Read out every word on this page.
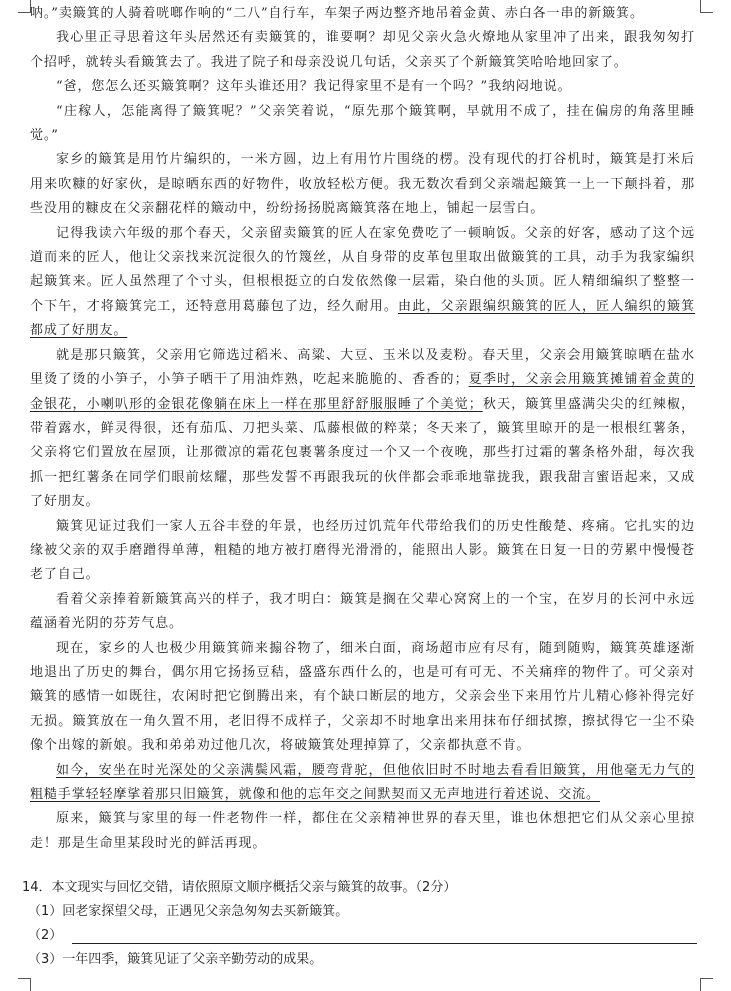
呐。”卖簸箕的人骑着咣啷作响的“二八”自行车，车架子两边整齐地吊着金黄、赤白各一串的新簸箕。

我心里正寻思着这年头居然还有卖簸箕的，谁要啊？却见父亲火急火燎地从家里冲了出来，跟我匆匆打个招呼，就转头看簸箕去了。我进了院子和母亲没说几句话，父亲买了个新簸箕笑哈哈地回家了。

“爸，您怎么还买簸箕啊？这年头谁还用？我记得家里不是有一个吗？”我纳闷地说。

“庄稼人，怎能离得了簸箕呢？”父亲笑着说，“原先那个簸箕啊，早就用不成了，挂在偏房的角落里睡觉。”

家乡的簸箕是用竹片编织的，一米方圆，边上有用竹片围绕的楞。没有现代的打谷机时，簸箕是打米后用来吹糠的好家伙，是晾晒东西的好物件，收放轻松方便。我无数次看到父亲端起簸箕一上一下颠抖着，那些没用的糠皮在父亲翻花样的簸动中，纷纷扬扬脱离簸箕落在地上，铺起一层雪白。

记得我读六年级的那个春天，父亲留卖簸箕的匠人在家免费吃了一顿晌饭。父亲的好客，感动了这个远道而来的匠人，他让父亲找来沉淀很久的竹篾丝，从自身带的皮革包里取出做簸箕的工具，动手为我家编织起簸箕来。匠人虽然理了个寸头，但根根挺立的白发依然像一层霜，染白他的头顶。匠人精细编织了整整一个下午，才将簸箕完工，还特意用葛藤包了边，经久耐用。由此，父亲跟编织簸箕的匠人，匠人编织的簸箕都成了好朋友。

就是那只簸箕，父亲用它筛选过稻米、高粱、大豆、玉米以及麦粉。春天里，父亲会用簸箕晾晒在盐水里烫了烫的小笋子，小笋子晒干了用油炸熟，吃起来脆脆的、香香的；夏季时，父亲会用簸箕摊铺着金黄的金银花，小喇叭形的金银花像躺在床上一样在那里舒舒服服睡了个美觉；秋天，簸箕里盛满尖尖的红辣椒，带着露水，鲜灵得很，还有茄瓜、刀把头菜、瓜藤根做的粹菜；冬天来了，簸箕里晾开的是一根根红薯条，父亲将它们置放在屋顶，让那微凉的霜花包裹薯条度过一个又一个夜晚，那些打过霜的薯条格外甜，每次我抓一把红薯条在同学们眼前炫耀，那些发誓不再跟我玩的伙伴都会乖乖地靠拢我，跟我甜言蜜语起来，又成了好朋友。

簸箕见证过我们一家人五谷丰登的年景，也经历过饥荒年代带给我们的历史性酸楚、疼痛。它扎实的边缘被父亲的双手磨蹭得单薄，粗糙的地方被打磨得光滑滑的，能照出人影。簸箕在日复一日的劳累中慢慢苍老了自己。

看着父亲捧着新簸箕高兴的样子，我才明白：簸箕是搁在父辈心窝窝上的一个宝，在岁月的长河中永远蕴涵着光阴的芬芳气息。

现在，家乡的人也极少用簸箕筛来搧谷物了，细米白面，商场超市应有尽有，随到随购，簸箕英雄逐渐地退出了历史的舞台，偶尔用它扬扬豆秸，盛盛东西什么的，也是可有可无、不关痛痒的物件了。可父亲对簸箕的感情一如既往，农闲时把它倒腾出来，有个缺口断层的地方，父亲会坐下来用竹片儿精心修补得完好无损。簸箕放在一角久置不用，老旧得不成样子，父亲却不时地拿出来用抹布仔细拭擦，擦拭得它一尘不染像个出嫁的新娘。我和弟弟劝过他几次，将破簸箕处理掉算了，父亲都执意不肯。

如今，安坐在时光深处的父亲满鬓风霜，腰弯背驼，但他依旧时不时地去看看旧簸箕，用他毫无力气的粗糙手掌轻轻摩挲着那只旧簸箕，就像和他的忘年交之间默契而又无声地进行着述说、交流。

原来，簸箕与家里的每一件老物件一样，都住在父亲精神世界的春天里，谁也休想把它们从父亲心里掠走！那是生命里某段时光的鲜活再现。

14．本文现实与回忆交错，请依照原文顺序概括父亲与簸箕的故事。（2分）
（1）回老家探望父母，正遇见父亲急匆匆去买新簸箕。
（2）
（3）一年四季，簸箕见证了父亲辛勤劳动的成果。
